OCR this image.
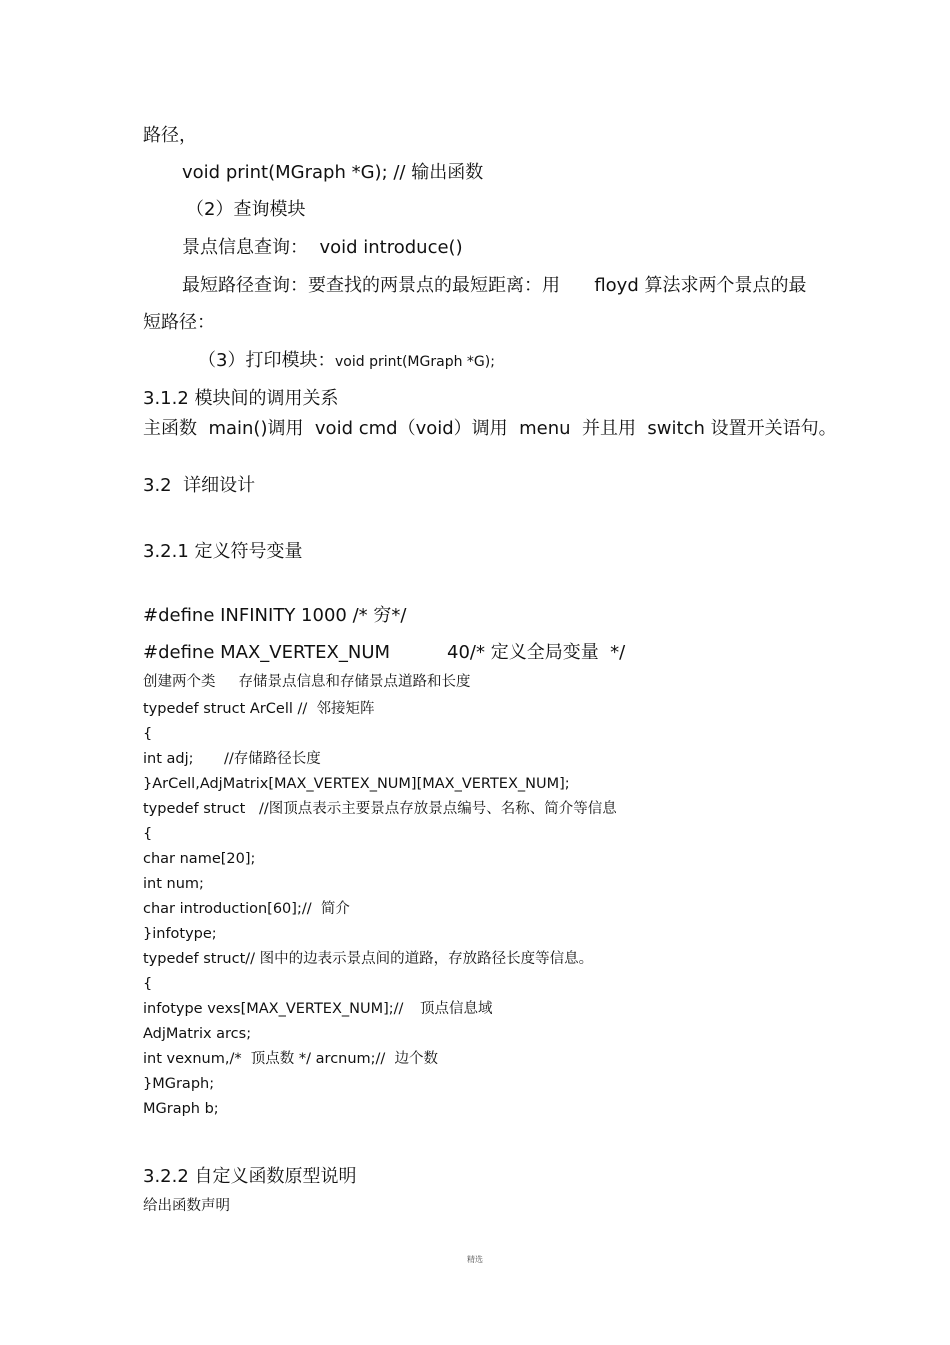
路径，
void print(MGraph *G); // 输出函数
（2）查询模块
景点信息查询：  void introduce()
最短路径查询：要查找的两景点的最短距离：用      floyd 算法求两个景点的最
短路径：
（3）打印模块： void print(MGraph *G);
3.1.2 模块间的调用关系
主函数  main()调用  void cmd（void）调用  menu  并且用  switch 设置开关语句。
3.2  详细设计
3.2.1 定义符号变量
#define INFINITY 1000 /* 穷*/
#define MAX_VERTEX_NUM	40/* 定义全局变量  */
创建两个类     存储景点信息和存储景点道路和长度
typedef struct ArCell //  邻接矩阵
{
int adj; //存储路径长度
}ArCell,AdjMatrix[MAX_VERTEX_NUM][MAX_VERTEX_NUM];
typedef struct //图顶点表示主要景点存放景点编号、名称、简介等信息
{
char name[20];
int num;
char introduction[60];//  简介
}infotype;
typedef struct// 图中的边表示景点间的道路，存放路径长度等信息。
{
infotype vexs[MAX_VERTEX_NUM];// 顶点信息域
AdjMatrix arcs;
int vexnum,/*  顶点数 */ arcnum;//  边个数
}MGraph;
MGraph b;
3.2.2 自定义函数原型说明
给出函数声明
精选
